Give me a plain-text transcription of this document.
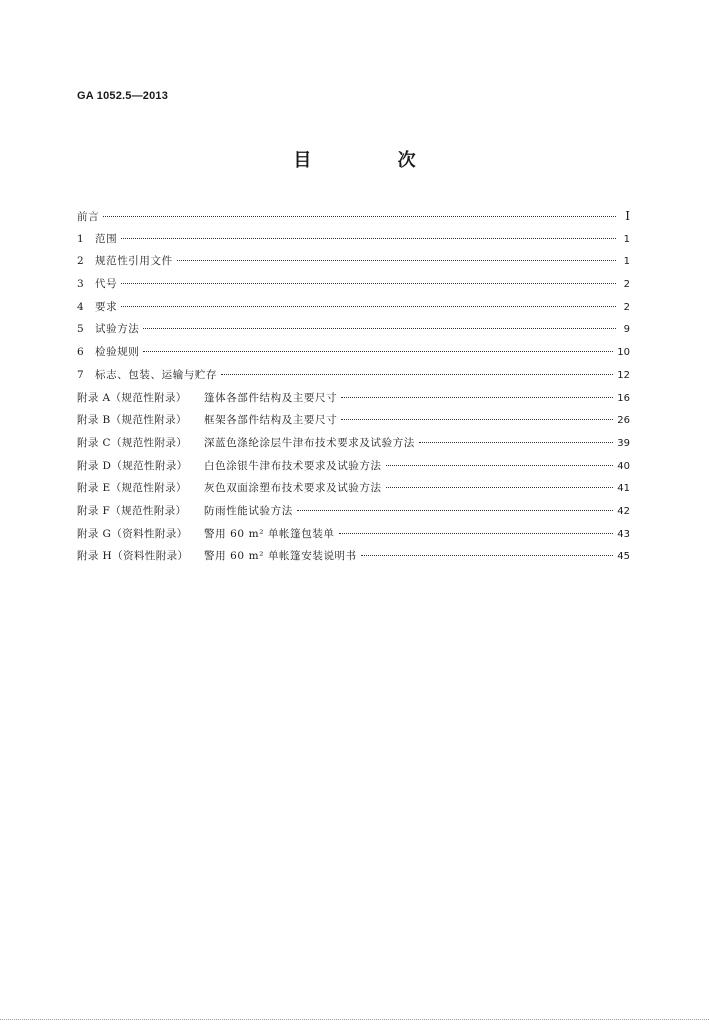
GA 1052.5—2013
目 次
前言	I
1	范围	1
2	规范性引用文件	1
3	代号	2
4	要求	2
5	试验方法	9
6	检验规则	10
7	标志、包装、运输与贮存	12
附录 A（规范性附录）	篷体各部件结构及主要尺寸	16
附录 B（规范性附录）	框架各部件结构及主要尺寸	26
附录 C（规范性附录）	深蓝色涤纶涂层牛津布技术要求及试验方法	39
附录 D（规范性附录）	白色涂银牛津布技术要求及试验方法	40
附录 E（规范性附录）	灰色双面涂塑布技术要求及试验方法	41
附录 F（规范性附录）	防雨性能试验方法	42
附录 G（资料性附录）	警用 60 m² 单帐篷包装单	43
附录 H（资料性附录）	警用 60 m² 单帐篷安装说明书	45
